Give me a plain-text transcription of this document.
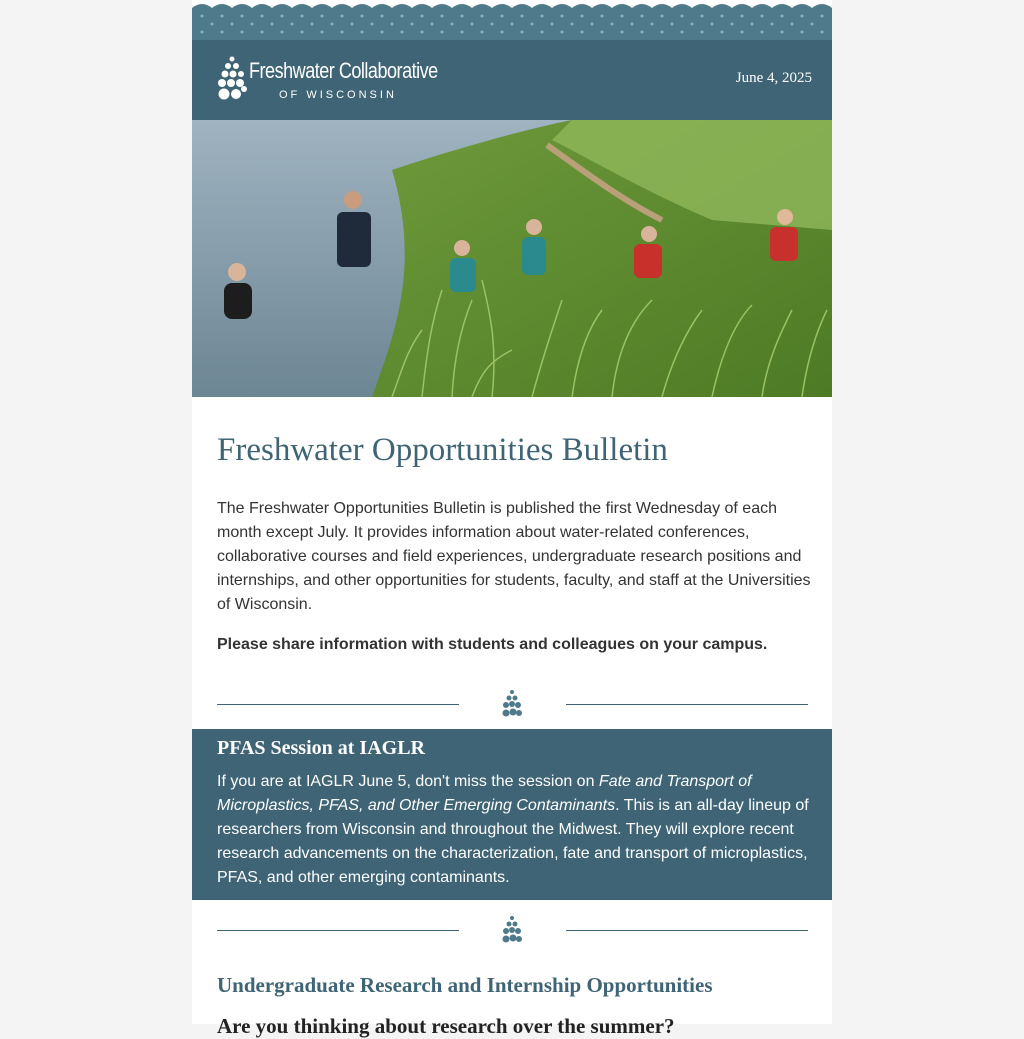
Freshwater Collaborative
OF WISCONSIN
June 4, 2025
Freshwater Opportunities Bulletin

The Freshwater Opportunities Bulletin is published the first Wednesday of each month except July. It provides information about water-related conferences, collaborative courses and field experiences, undergraduate research positions and internships, and other opportunities for students, faculty, and staff at the Universities of Wisconsin.

Please share information with students and colleagues on your campus.

PFAS Session at IAGLR

If you are at IAGLR June 5, don't miss the session on Fate and Transport of Microplastics, PFAS, and Other Emerging Contaminants. This is an all-day lineup of researchers from Wisconsin and throughout the Midwest. They will explore recent research advancements on the characterization, fate and transport of microplastics, PFAS, and other emerging contaminants.

Undergraduate Research and Internship Opportunities
Are you thinking about research over the summer?
